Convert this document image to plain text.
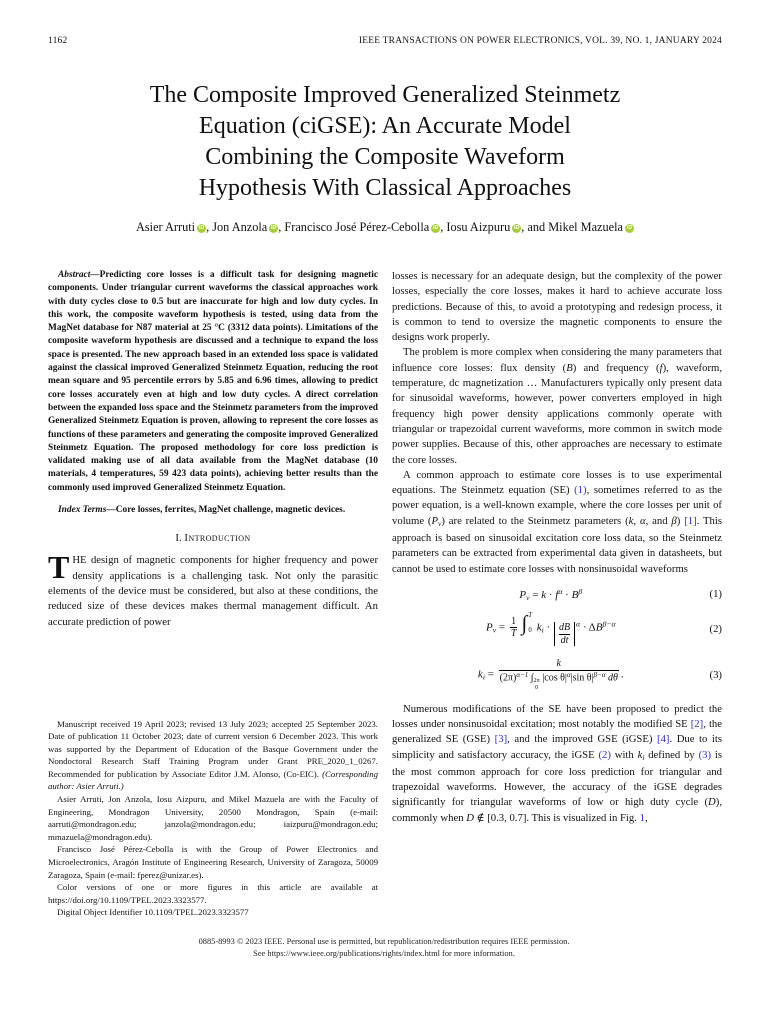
1162	IEEE TRANSACTIONS ON POWER ELECTRONICS, VOL. 39, NO. 1, JANUARY 2024
The Composite Improved Generalized Steinmetz
Equation (ciGSE): An Accurate Model
Combining the Composite Waveform
Hypothesis With Classical Approaches
Asier Arruti iD , Jon Anzola iD , Francisco José Pérez-Cebolla iD , Iosu Aizpuru iD , and Mikel Mazuela iD

Abstract—Predicting core losses is a difficult task for designing magnetic components. Under triangular current waveforms the classical approaches work with duty cycles close to 0.5 but are inaccurate for high and low duty cycles. In this work, the composite waveform hypothesis is tested, using data from the MagNet database for N87 material at 25 °C (3312 data points). Limitations of the composite waveform hypothesis are discussed and a technique to expand the loss space is presented. The new approach based in an extended loss space is validated against the classical improved Generalized Steinmetz Equation, reducing the root mean square and 95 percentile errors by 5.85 and 6.96 times, allowing to predict core losses accurately even at high and low duty cycles. A direct correlation between the expanded loss space and the Steinmetz parameters from the improved Generalized Steinmetz Equation is proven, allowing to represent the core losses as functions of these parameters and generating the composite improved Generalized Steinmetz Equation. The proposed methodology for core loss prediction is validated making use of all data available from the MagNet database (10 materials, 4 temperatures, 59 423 data points), achieving better results than the commonly used improved Generalized Steinmetz Equation.

Index Terms—Core losses, ferrites, MagNet challenge, magnetic devices.

I. Introduction

THE design of magnetic components for higher frequency and power density applications is a challenging task. Not only the parasitic elements of the device must be considered, but also at these conditions, the reduced size of these devices makes thermal management difficult. An accurate prediction of power

Manuscript received 19 April 2023; revised 13 July 2023; accepted 25 September 2023. Date of publication 11 October 2023; date of current version 6 December 2023. This work was supported by the Department of Education of the Basque Government under the Nondoctoral Research Staff Training Program under Grant PRE_2020_1_0267. Recommended for publication by Associate Editor J.M. Alonso, (Co-EIC). (Corresponding author: Asier Arruti.)

Asier Arruti, Jon Anzola, Iosu Aizpuru, and Mikel Mazuela are with the Faculty of Engineering, Mondragon University, 20500 Mondragon, Spain (e-mail: aarruti@mondragon.edu; janzola@mondragon.edu; iaizpuru@mondragon.edu; mmazuela@mondragon.edu).

Francisco José Pérez-Cebolla is with the Group of Power Electronics and Microelectronics, Aragón Institute of Engineering Research, University of Zaragoza, 50009 Zaragoza, Spain (e-mail: fperez@unizar.es).

Color versions of one or more figures in this article are available at https://doi.org/10.1109/TPEL.2023.3323577.

Digital Object Identifier 10.1109/TPEL.2023.3323577

losses is necessary for an adequate design, but the complexity of the power losses, especially the core losses, makes it hard to achieve accurate loss predictions. Because of this, to avoid a prototyping and redesign process, it is common to tend to oversize the magnetic components to ensure the designs work properly.

The problem is more complex when considering the many parameters that influence core losses: flux density (B) and frequency (f), waveform, temperature, dc magnetization … Manufacturers typically only present data for sinusoidal waveforms, however, power converters employed in high frequency high power density applications commonly operate with triangular or trapezoidal current waveforms, more common in switch mode power supplies. Because of this, other approaches are necessary to estimate the core losses.

A common approach to estimate core losses is to use experimental equations. The Steinmetz equation (SE) (1), sometimes referred to as the power equation, is a well-known example, where the core losses per unit of volume (Pv) are related to the Steinmetz parameters (k, α, and β) [1]. This approach is based on sinusoidal excitation core loss data, so the Steinmetz parameters can be extracted from experimental data given in datasheets, but cannot be used to estimate core losses with nonsinusoidal waveforms

$Pv = k \cdot f^\alpha \cdot B^\beta$	(1)
$Pv = \frac{1}{T}$ ∫ T
0 ki · $\frac{dB}{dt} ^\alpha \cdot \Delta B^{\beta-\alpha}$	(2)
ki = k
$(2\pi)^{\alpha-1}$ ∫ 2π
0
|cos $\theta|^\alpha|\sin$ $\theta|^{\beta-\alpha}$ dθ .	(3)

Numerous modifications of the SE have been proposed to predict the losses under nonsinusoidal excitation; most notably the modified SE [2], the generalized SE (GSE) [3], and the improved GSE (iGSE) [4]. Due to its simplicity and satisfactory accuracy, the iGSE (2) with ki defined by (3) is the most common approach for core loss prediction for triangular and trapezoidal waveforms. However, the accuracy of the iGSE degrades significantly for triangular waveforms of low or high duty cycle (D), commonly when D ∉ [0.3, 0.7]. This is visualized in Fig. 1,

0885-8993 © 2023 IEEE. Personal use is permitted, but republication/redistribution requires IEEE permission.
See https://www.ieee.org/publications/rights/index.html for more information.
